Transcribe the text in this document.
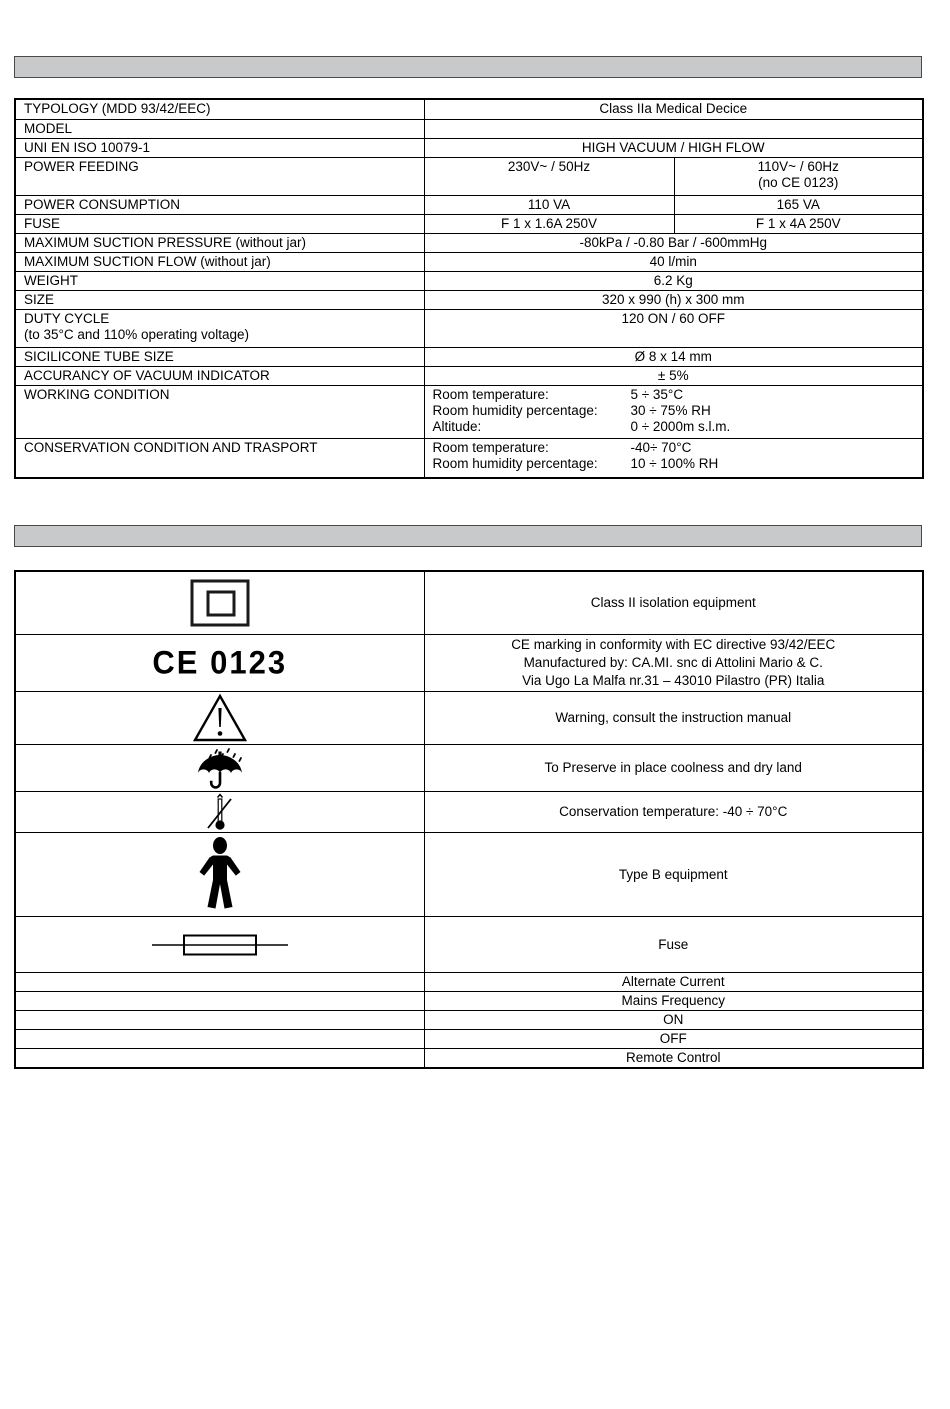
TYPOLOGY (MDD 93/42/EEC)	Class IIa Medical Decice	
MODEL		
UNI EN ISO 10079-1	HIGH VACUUM / HIGH FLOW	
POWER FEEDING	230V~ / 50Hz	110V~ / 60Hz
(no CE 0123)

POWER CONSUMPTION	110 VA	165 VA
FUSE	F 1 x 1.6A 250V	F 1 x 4A 250V
MAXIMUM SUCTION PRESSURE (without jar)	-80kPa / -0.80 Bar / -600mmHg	
MAXIMUM SUCTION FLOW (without jar)	40 l/min	
WEIGHT	6.2 Kg	
SIZE	320 x 990 (h) x 300 mm	

DUTY CYCLE
(to 35°C and 110% operating voltage)	120 ON / 60 OFF	
SICILICONE TUBE SIZE	Ø 8 x 14 mm	
ACCURANCY OF VACUUM INDICATOR	± 5%	
WORKING CONDITION	Room temperature:	5 ÷ 35°C
Room humidity percentage:	30 ÷ 75% RH
Altitude:	0 ÷ 2000m s.l.m.

CONSERVATION CONDITION AND TRASPORT	Room temperature: -40÷ 70°C
Room humidity percentage: 10 ÷ 100% RH	
	Class II isolation equipment

CE 0123	CE marking in conformity with EC directive 93/42/EEC
Manufactured by: CA.MI. snc di Attolini Mario & C.
Via Ugo La Malfa nr.31 – 43010 Pilastro (PR) Italia

	Warning, consult the instruction manual
	To Preserve in place coolness and dry land
	Conservation temperature: -40 ÷ 70°C
	Type B equipment
	Fuse
	Alternate Current
	Mains Frequency
	ON
	OFF
	Remote Control
